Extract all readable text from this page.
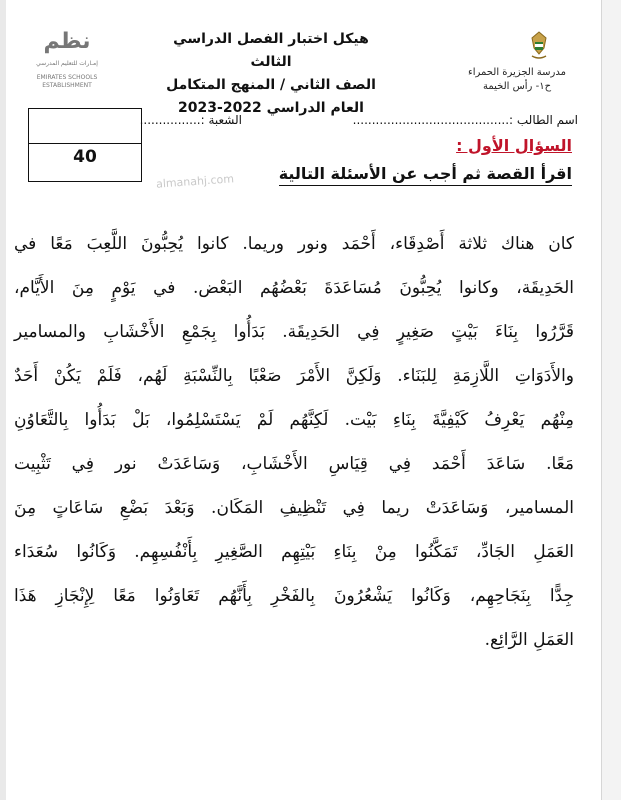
نظم
إمـارات للتعليم المدرسي
EMIRATES SCHOOLS ESTABLISHMENT
هيكل اختبار الفصل الدراسي الثالث
الصف الثاني / المنهج المتكامل
العام الدراسي 2022-2023
مدرسة الجزيرة الحمراء
ح١- رأس الخيمة
اسم الطالب :.........................................
الشعبة :................
40
السؤال الأول :
اقرأ القصة ثم أجب عن الأسئلة التالية
almanahj.com

كان هناك ثلاثة أَصْدِقَاء، أَحْمَد ونور وريما. كانوا يُحِبُّونَ اللَّعِبَ مَعًا في

الحَدِيقَة، وكانوا يُحِبُّونَ مُسَاعَدَةَ بَعْضُهُم البَعْض. في يَوْمٍ مِنَ الأَيَّام،

قَرَّرُوا بِنَاءَ بَيْتٍ صَغِيرٍ فِي الحَدِيقَة. بَدَأُوا بِجَمْعِ الأَخْشَابِ والمسامير

والأَدَوَاتِ اللَّازِمَةِ لِلبَنَاء. وَلَكِنَّ الأَمْرَ صَعْبًا بِالنِّسْبَةِ لَهُم، فَلَمْ يَكُنْ أَحَدٌ

مِنْهُم يَعْرِفُ كَيْفِيَّةَ بِنَاءِ بَيْت. لَكِنَّهُم لَمْ يَسْتَسْلِمُوا، بَلْ بَدَأُوا بِالتَّعَاوُنِ

مَعًا. سَاعَدَ أَحْمَد فِي قِيَاسِ الأَخْشَابِ، وَسَاعَدَتْ نور فِي تَثْبِيت

المسامير، وَسَاعَدَتْ ريما فِي تَنْظِيفِ المَكَان. وَبَعْدَ بَضْعِ سَاعَاتٍ مِنَ

العَمَلِ الجَادِّ، تَمَكَّنُوا مِنْ بِنَاءِ بَيْتِهِم الصَّغِيرِ بِأَنْفُسِهِم. وَكَانُوا سُعَدَاء

جِدًّا بِنَجَاحِهِم، وَكَانُوا يَشْعُرُونَ بِالفَخْرِ بِأَنَّهُم تَعَاوَنُوا مَعًا لِإِنْجَازِ هَذَا

العَمَلِ الرَّائِع.
